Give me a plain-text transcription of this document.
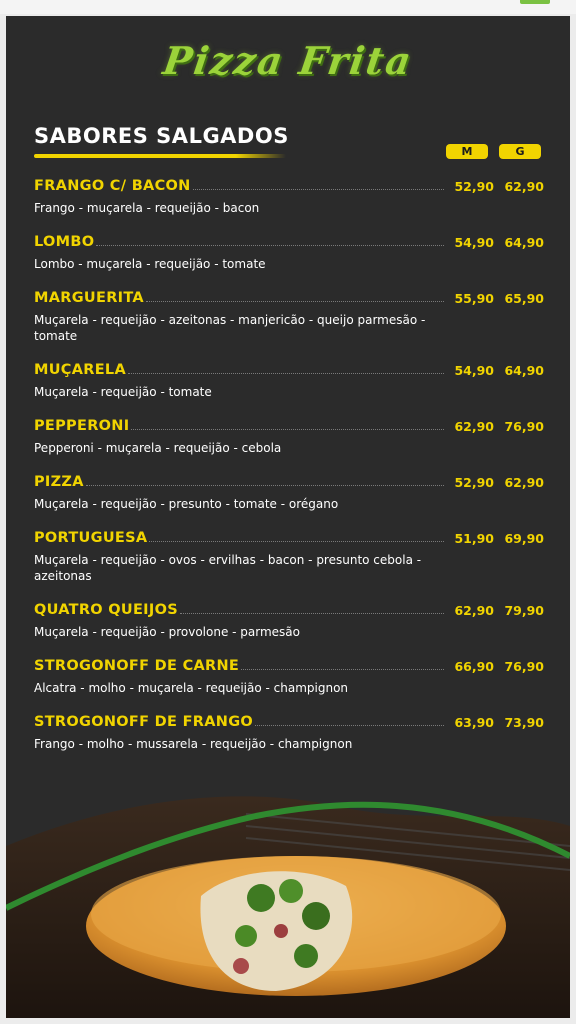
Pizza Frita
SABORES SALGADOS
M	G
FRANGO C/ BACON	52,90 62,90
Frango - muçarela - requeijão - bacon
LOMBO	54,90 64,90
Lombo - muçarela - requeijão - tomate
MARGUERITA	55,90 65,90
Muçarela - requeijão - azeitonas - manjericão - queijo parmesão - tomate
MUÇARELA	54,90 64,90
Muçarela - requeijão - tomate
PEPPERONI	62,90 76,90
Pepperoni - muçarela - requeijão - cebola
PIZZA	52,90 62,90
Muçarela - requeijão - presunto - tomate - orégano
PORTUGUESA	51,90 69,90
Muçarela - requeijão - ovos - ervilhas - bacon - presunto cebola - azeitonas
QUATRO QUEIJOS	62,90 79,90
Muçarela - requeijão - provolone - parmesão
STROGONOFF DE CARNE	66,90 76,90
Alcatra - molho - muçarela - requeijão - champignon
STROGONOFF DE FRANGO	63,90 73,90
Frango - molho - mussarela - requeijão - champignon
